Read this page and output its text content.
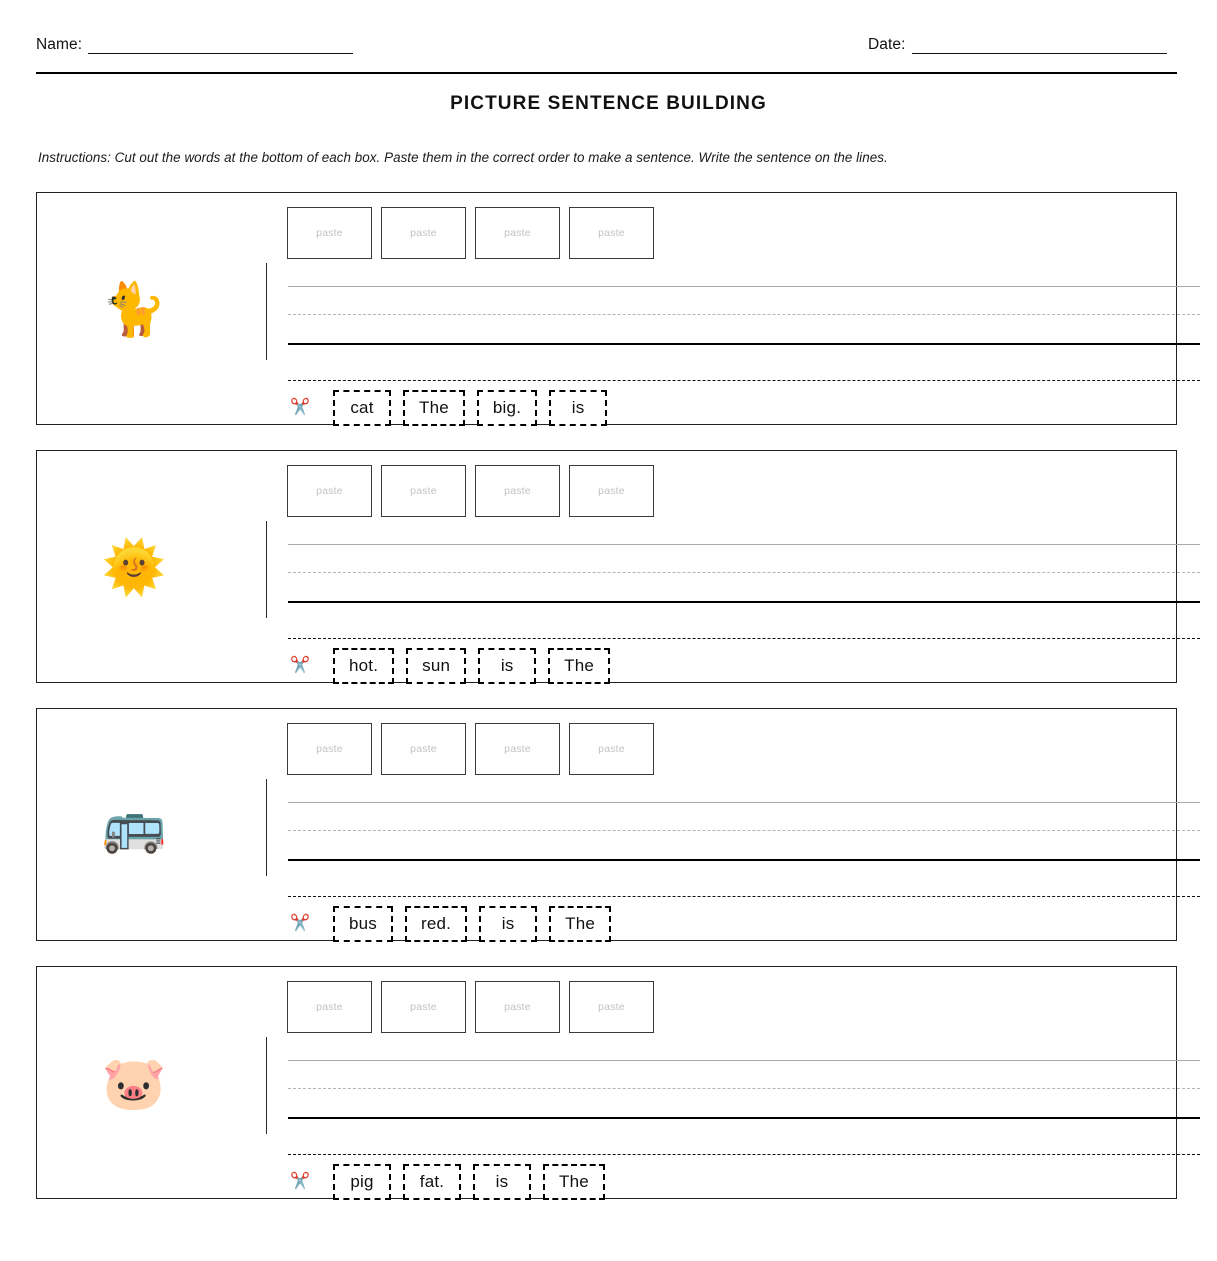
Name:	Date:
PICTURE SENTENCE BUILDING
Instructions: Cut out the words at the bottom of each box. Paste them in the correct order to make a sentence. Write the sentence on the lines.
🐈
paste	paste	paste	paste
✂️	cat	The	big.	is
🌞
paste	paste	paste	paste
✂️	hot.	sun	is	The
🚌
paste	paste	paste	paste
✂️	bus	red.	is	The
🐷
paste	paste	paste	paste
✂️	pig	fat.	is	The
